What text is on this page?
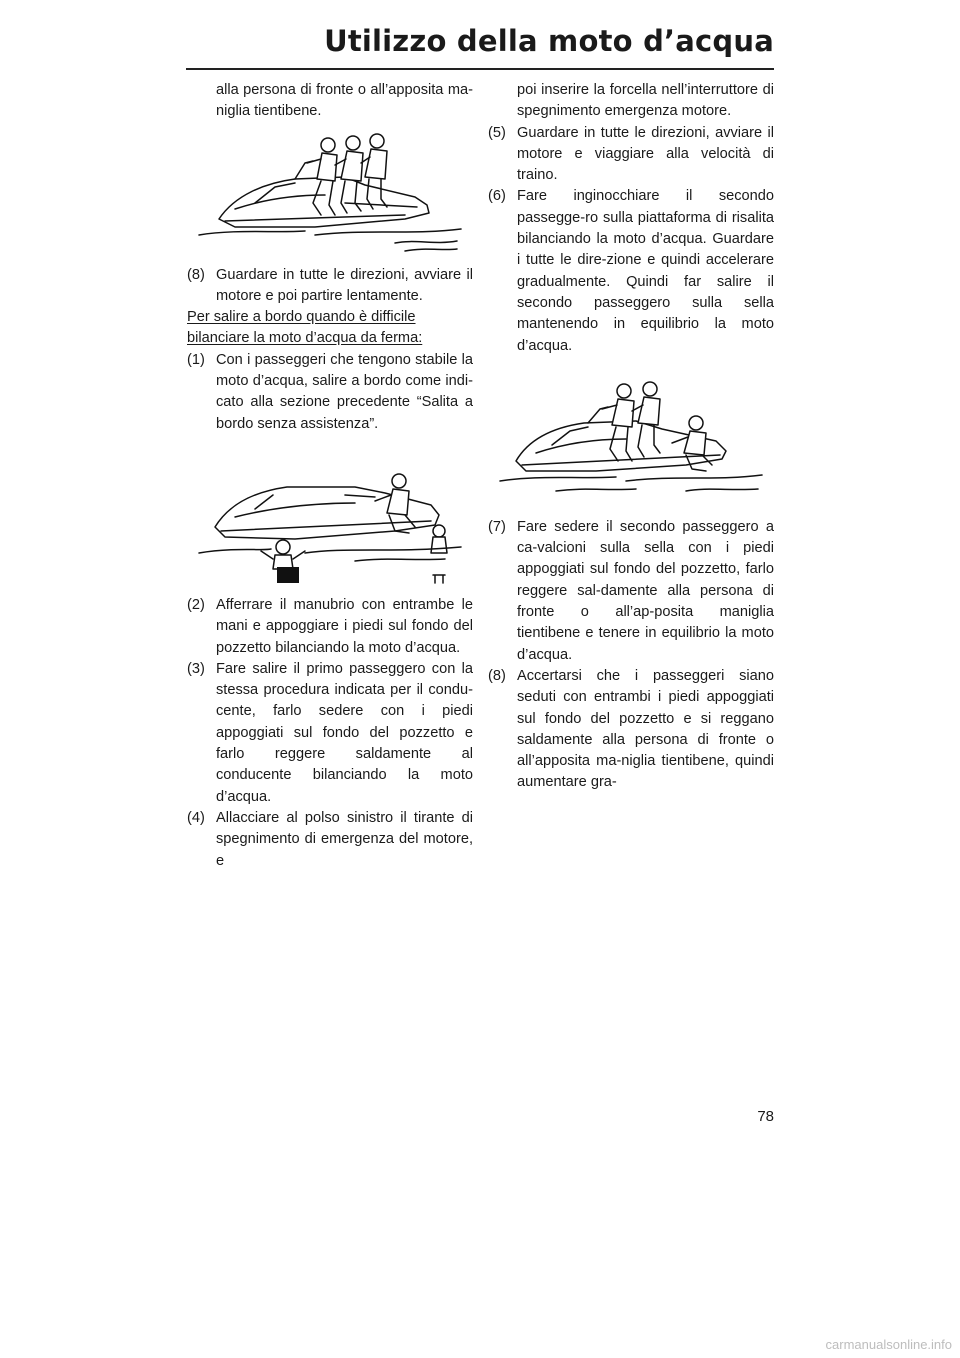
Utilizzo della moto d’acqua

alla persona di fronte o all’apposita ma-niglia tientibene.

(8) Guardare in tutte le direzioni, avviare il motore e poi partire lentamente.

Per salire a bordo quando è difficile bilanciare la moto d’acqua da ferma:

(1) Con i passeggeri che tengono stabile la moto d’acqua, salire a bordo come indi-cato alla sezione precedente “Salita a bordo senza assistenza”.
(2) Afferrare il manubrio con entrambe le mani e appoggiare i piedi sul fondo del pozzetto bilanciando la moto d’acqua.
(3) Fare salire il primo passeggero con la stessa procedura indicata per il condu-cente, farlo sedere con i piedi appoggiati sul fondo del pozzetto e farlo reggere saldamente al conducente bilanciando la moto d’acqua.
(4) Allacciare al polso sinistro il tirante di spegnimento di emergenza del motore, e

poi inserire la forcella nell’interruttore di spegnimento emergenza motore.

(5) Guardare in tutte le direzioni, avviare il motore e viaggiare alla velocità di traino.
(6) Fare inginocchiare il secondo passegge-ro sulla piattaforma di risalita bilanciando la moto d’acqua. Guardare i tutte le dire-zione e quindi accelerare gradualmente. Quindi far salire il secondo passeggero sulla sella mantenendo in equilibrio la moto d’acqua.
(7) Fare sedere il secondo passeggero a ca-valcioni sulla sella con i piedi appoggiati sul fondo del pozzetto, farlo reggere sal-damente alla persona di fronte o all’ap-posita maniglia tientibene e tenere in equilibrio la moto d’acqua.
(8) Accertarsi che i passeggeri siano seduti con entrambi i piedi appoggiati sul fondo del pozzetto e si reggano saldamente alla persona di fronte o all’apposita ma-niglia tientibene, quindi aumentare gra-
78
carmanualsonline.info
